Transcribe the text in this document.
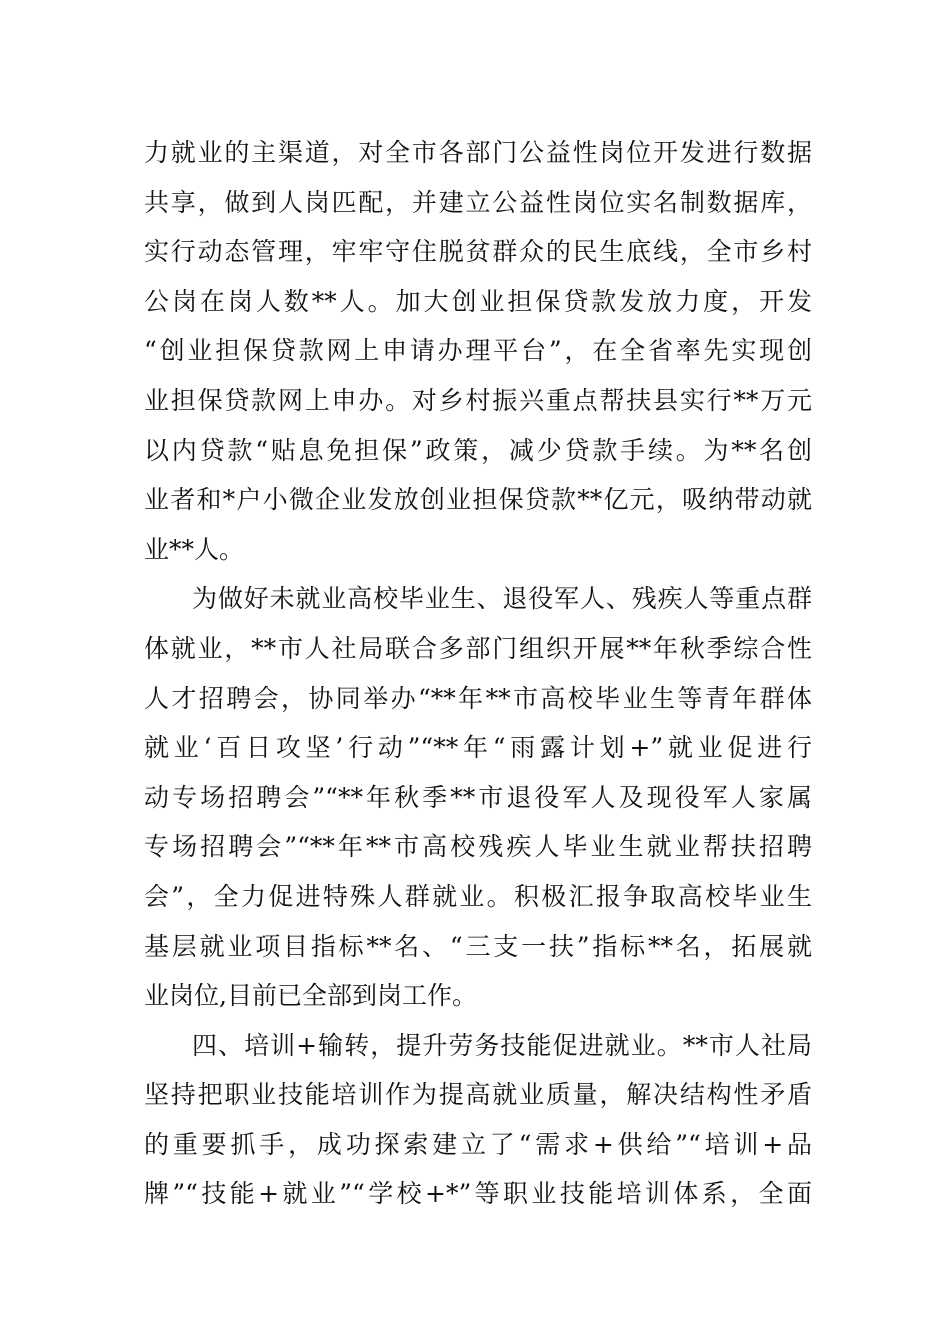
力就业的主渠道，对全市各部门公益性岗位开发进行数据
共享，做到人岗匹配，并建立公益性岗位实名制数据库，
实行动态管理，牢牢守住脱贫群众的民生底线，全市乡村
公岗在岗人数**人。加大创业担保贷款发放力度，开发
“创业担保贷款网上申请办理平台”，在全省率先实现创
业担保贷款网上申办。对乡村振兴重点帮扶县实行**万元
以内贷款“贴息免担保”政策，减少贷款手续。为**名创
业者和*户小微企业发放创业担保贷款**亿元，吸纳带动就
业**人。
为做好未就业高校毕业生、退役军人、残疾人等重点群
体就业，**市人社局联合多部门组织开展**年秋季综合性
人才招聘会，协同举办“**年**市高校毕业生等青年群体
就业‘百日攻坚’行动”“**年“雨露计划+”就业促进行
动专场招聘会”“**年秋季**市退役军人及现役军人家属
专场招聘会”“**年**市高校残疾人毕业生就业帮扶招聘
会”，全力促进特殊人群就业。积极汇报争取高校毕业生
基层就业项目指标**名、“三支一扶”指标**名，拓展就
业岗位,目前已全部到岗工作。
四、培训+输转，提升劳务技能促进就业。**市人社局
坚持把职业技能培训作为提高就业质量，解决结构性矛盾
的重要抓手，成功探索建立了“需求+供给”“培训+品
牌”“技能+就业”“学校+*”等职业技能培训体系，全面
